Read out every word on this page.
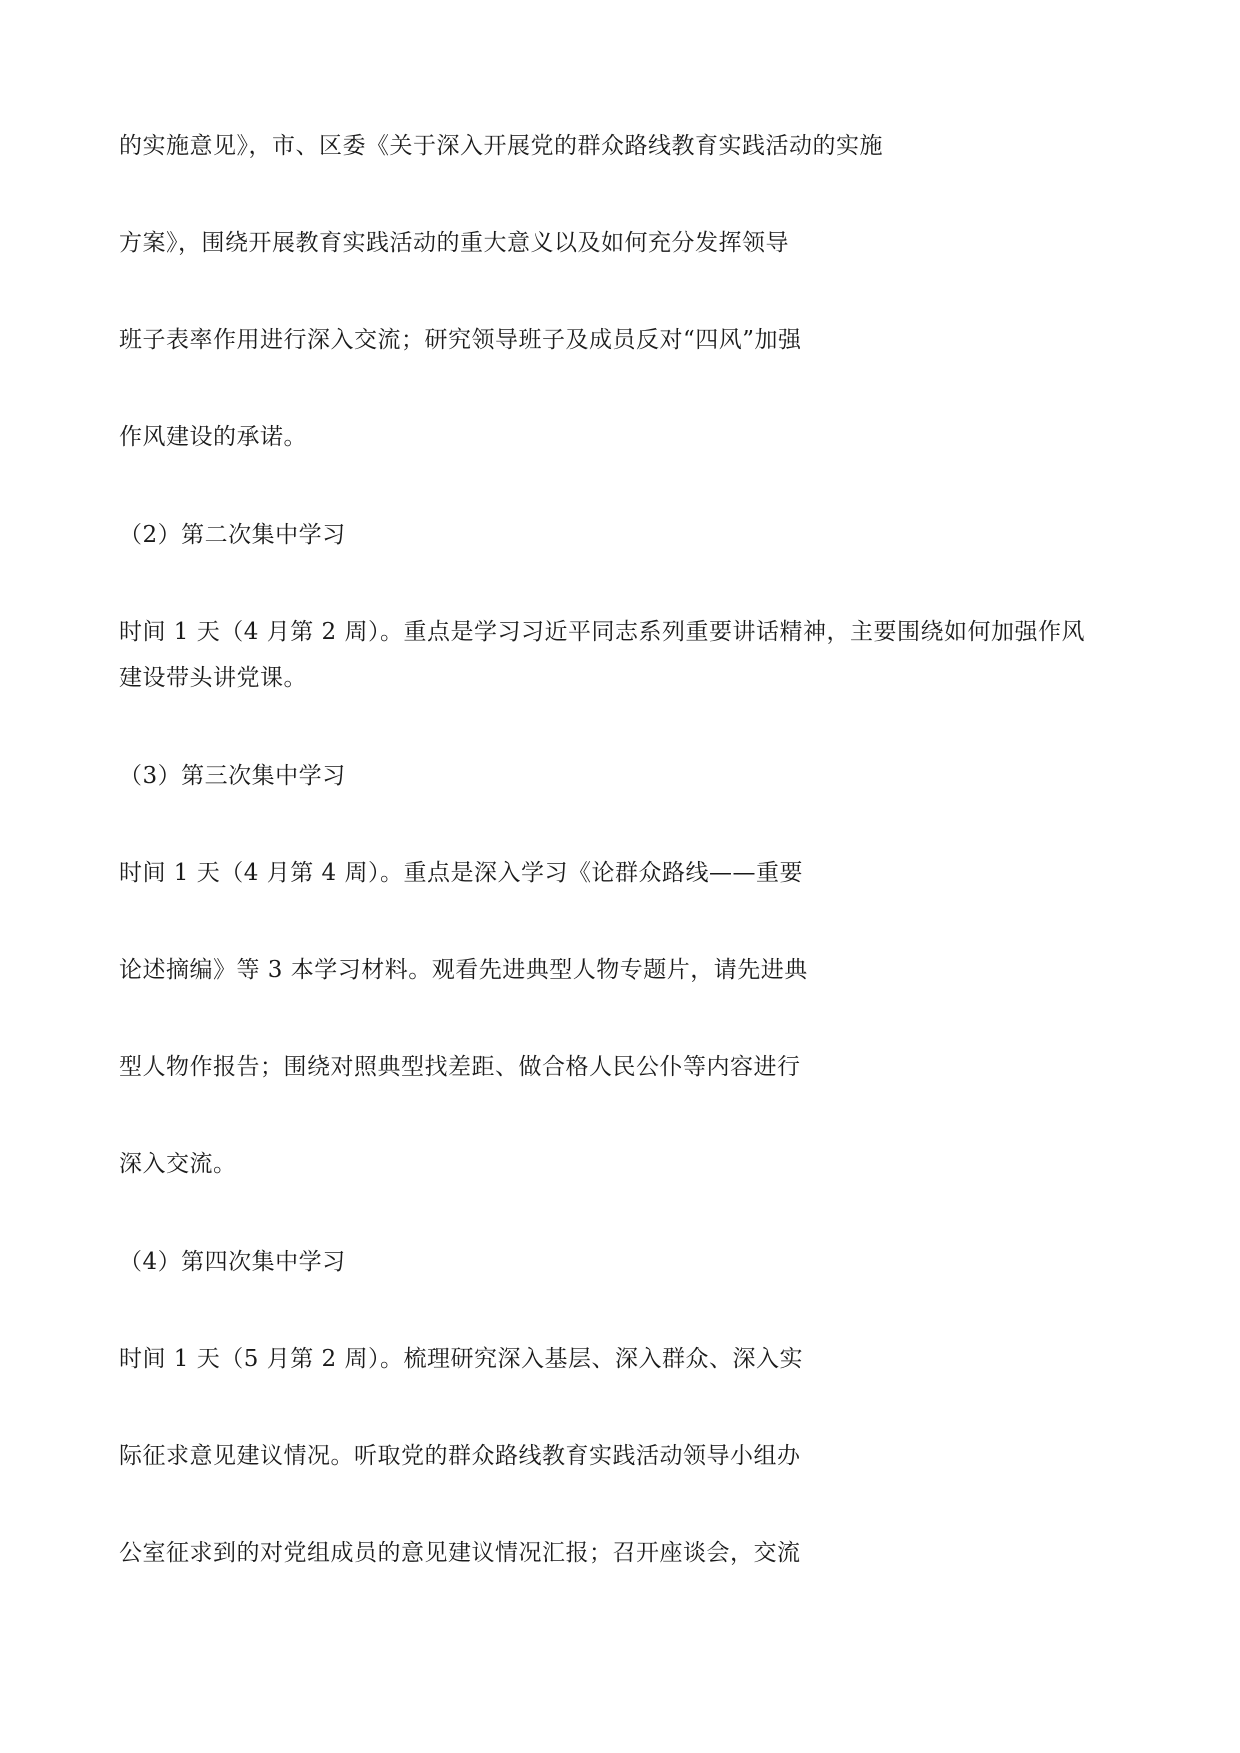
的实施意见》，市、区委《关于深入开展党的群众路线教育实践活动的实施
方案》，围绕开展教育实践活动的重大意义以及如何充分发挥领导
班子表率作用进行深入交流；研究领导班子及成员反对“四风”加强
作风建设的承诺。
（2）第二次集中学习
时间 1 天（4 月第 2 周）。重点是学习习近平同志系列重要讲话精神，主要围绕如何加强作风
建设带头讲党课。
（3）第三次集中学习
时间 1 天（4 月第 4 周）。重点是深入学习《论群众路线——重要
论述摘编》等 3 本学习材料。观看先进典型人物专题片，请先进典
型人物作报告；围绕对照典型找差距、做合格人民公仆等内容进行
深入交流。
（4）第四次集中学习
时间 1 天（5 月第 2 周）。梳理研究深入基层、深入群众、深入实
际征求意见建议情况。听取党的群众路线教育实践活动领导小组办
公室征求到的对党组成员的意见建议情况汇报；召开座谈会，交流
